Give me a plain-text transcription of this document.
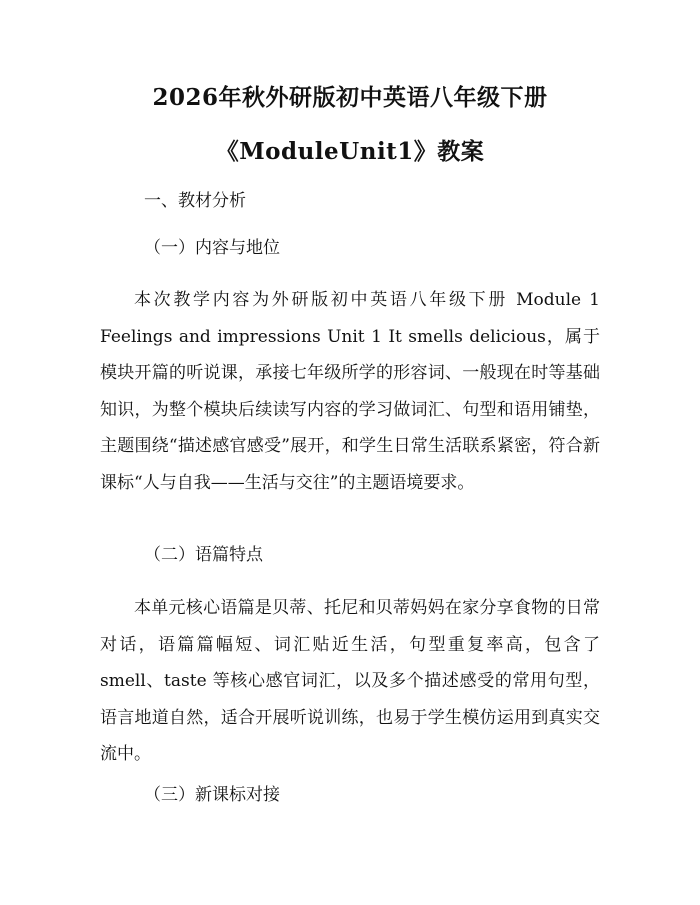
2026年秋外研版初中英语八年级下册
《ModuleUnit1》教案
一、教材分析
（一）内容与地位

本次教学内容为外研版初中英语八年级下册 Module 1 Feelings and impressions Unit 1 It smells delicious，属于模块开篇的听说课，承接七年级所学的形容词、一般现在时等基础知识，为整个模块后续读写内容的学习做词汇、句型和语用铺垫，主题围绕“描述感官感受”展开，和学生日常生活联系紧密，符合新课标“人与自我——生活与交往”的主题语境要求。

（二）语篇特点

本单元核心语篇是贝蒂、托尼和贝蒂妈妈在家分享食物的日常对话，语篇篇幅短、词汇贴近生活，句型重复率高，包含了 smell、taste 等核心感官词汇，以及多个描述感受的常用句型，语言地道自然，适合开展听说训练，也易于学生模仿运用到真实交流中。

（三）新课标对接
